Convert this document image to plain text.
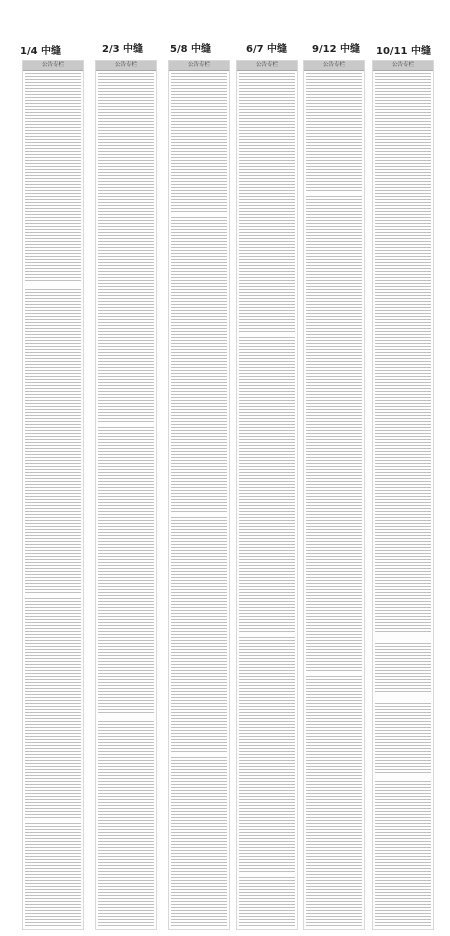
1/4 中缝	2/3 中缝	5/8 中缝	6/7 中缝 9/12 中缝 10/11 中缝
公告专栏	公告专栏	公告专栏	公告专栏	公告专栏	公告专栏
